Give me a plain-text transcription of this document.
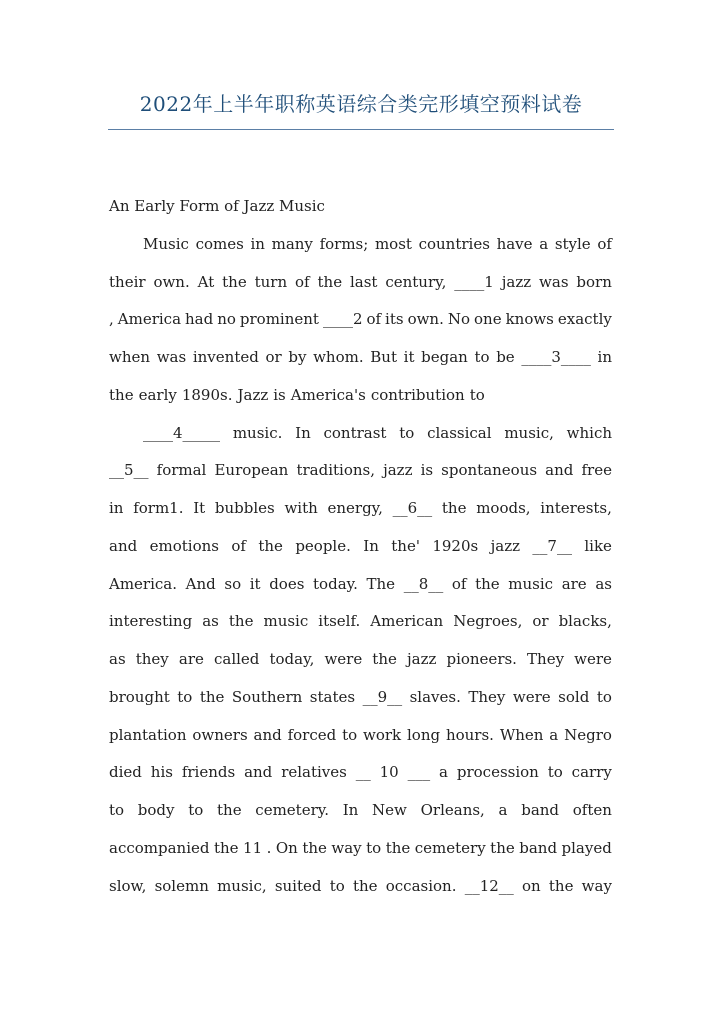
2022年上半年职称英语综合类完形填空预料试卷
An Early Form of Jazz Music
Music comes in many forms; most countries have a style of
their own. At the turn of the last century, ____1 jazz was born
, America had no prominent ____2 of its own. No one knows exactly
when was invented or by whom. But it began to be ____3____ in
the early 1890s. Jazz is America's contribution to
____4_____ music. In contrast to classical music, which
__5__ formal European traditions, jazz is spontaneous and free
in form1. It bubbles with energy, __6__ the moods, interests,
and emotions of the people. In the' 1920s jazz __7__ like
America. And so it does today. The __8__ of the music are as
interesting as the music itself. American Negroes, or blacks,
as they are called today, were the jazz pioneers. They were
brought to the Southern states __9__ slaves. They were sold to
plantation owners and forced to work long hours. When a Negro
died his friends and relatives __ 10 ___ a procession to carry
to body to the cemetery. In New Orleans, a band often
accompanied the 11 . On the way to the cemetery the band played
slow, solemn music, suited to the occasion. __12__ on the way
